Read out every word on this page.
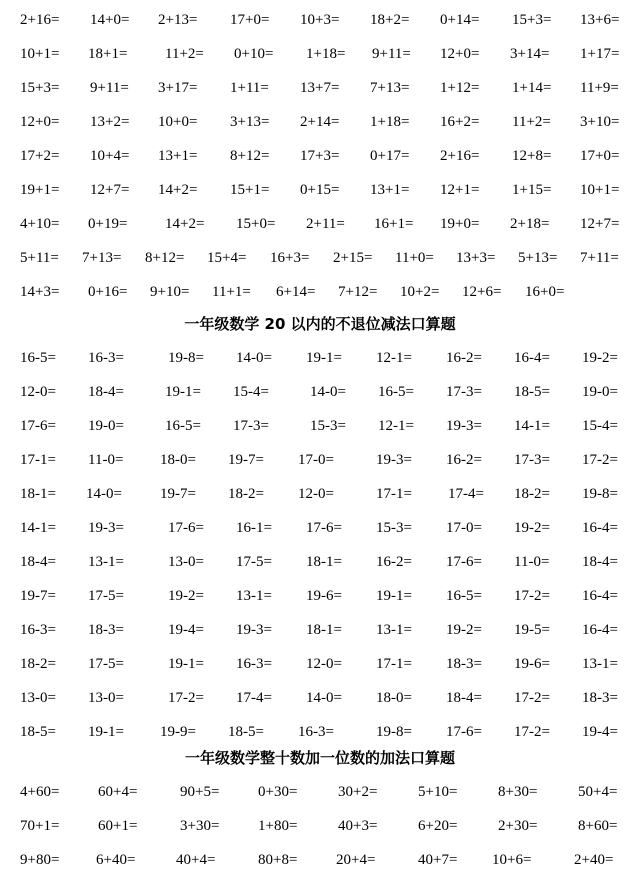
2+16= 14+0= 2+13= 17+0= 10+3= 18+2= 0+14= 15+3= 13+6=
10+1= 18+1=	11+2= 0+10= 1+18= 9+11= 12+0= 3+14= 1+17=
15+3= 9+11= 3+17= 1+11= 13+7= 7+13= 1+12= 1+14= 11+9=
12+0= 13+2= 10+0= 3+13= 2+14= 1+18= 16+2= 11+2= 3+10=
17+2= 10+4= 13+1= 8+12= 17+3= 0+17= 2+16= 12+8= 17+0=
19+1= 12+7= 14+2= 15+1= 0+15= 13+1= 12+1= 1+15= 10+1=
4+10= 0+19=	14+2= 15+0= 2+11= 16+1= 19+0= 2+18= 12+7=
5+11= 7+13= 8+12= 15+4= 16+3= 2+15= 11+0= 13+3= 5+13= 7+11=
14+3= 0+16= 9+10= 11+1= 6+14= 7+12= 10+2= 12+6= 16+0=
一年级数学 20 以内的不退位减法口算题
16-5= 16-3=	19-8= 14-0= 19-1= 12-1= 16-2= 16-4= 19-2=
12-0= 18-4=	19-1= 15-4=	14-0= 16-5= 17-3= 18-5= 19-0=
17-6= 19-0=	16-5= 17-3=	15-3= 12-1= 19-3= 14-1= 15-4=
17-1= 11-0= 18-0= 19-7= 17-0=	19-3= 16-2= 17-3= 17-2=
18-1= 14-0=	19-7= 18-2= 12-0=	17-1= 17-4= 18-2= 19-8=
14-1= 19-3=	17-6= 16-1= 17-6= 15-3= 17-0= 19-2= 16-4=
18-4= 13-1=	13-0= 17-5= 18-1= 16-2= 17-6= 11-0= 18-4=
19-7= 17-5=	19-2= 13-1= 19-6= 19-1= 16-5= 17-2= 16-4=
16-3= 18-3=	19-4= 19-3= 18-1= 13-1= 19-2= 19-5= 16-4=
18-2= 17-5=	19-1= 16-3= 12-0= 17-1= 18-3= 19-6= 13-1=
13-0= 13-0=	17-2= 17-4= 14-0= 18-0= 18-4= 17-2= 18-3=
18-5= 19-1= 19-9= 18-5= 16-3=	19-8= 17-6= 17-2= 19-4=
一年级数学整十数加一位数的加法口算题
4+60=	60+4=	90+5=	0+30=	30+2=	5+10=	8+30=	50+4=
70+1=	60+1=	3+30=	1+80=	40+3=	6+20=	2+30=	8+60=
9+80= 6+40=	40+4=	80+8=	20+4=	40+7= 10+6=	2+40=
